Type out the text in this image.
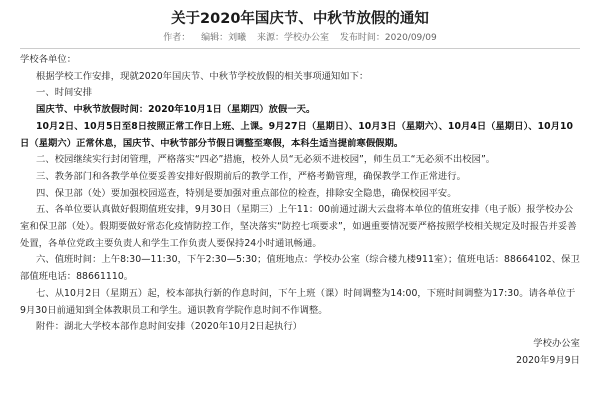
关于2020年国庆节、中秋节放假的通知
作者： 编辑：刘曦 来源：学校办公室 发布时间：2020/09/09

学校各单位：

根据学校工作安排，现就2020年国庆节、中秋节学校放假的相关事项通知如下：

一、时间安排

国庆节、中秋节放假时间：2020年10月1日（星期四）放假一天。

10月2日、10月5日至8日按照正常工作日上班、上课。9月27日（星期日）、10月3日（星期六）、10月4日（星期日）、10月10日（星期六）正常休息，国庆节、中秋节部分节假日调整至寒假，本科生适当提前寒假假期。

二、校园继续实行封闭管理，严格落实“四必”措施，校外人员“无必须不进校园”，师生员工“无必须不出校园”。

三、教务部门和各教学单位要妥善安排好假期前后的教学工作，严格考勤管理，确保教学工作正常进行。

四、保卫部（处）要加强校园巡查，特别是要加强对重点部位的检查，排除安全隐患，确保校园平安。

五、各单位要认真做好假期值班安排，9月30日（星期三）上午11：00前通过湖大云盘将本单位的值班安排（电子版）报学校办公室和保卫部（处）。假期要做好常态化疫情防控工作，坚决落实“防控七项要求”，如遇重要情况要严格按照学校相关规定及时报告并妥善处置，各单位党政主要负责人和学生工作负责人要保持24小时通讯畅通。

六、值班时间：上午8:30—11:30，下午2:30—5:30；值班地点：学校办公室（综合楼九楼911室）；值班电话：88664102、保卫部值班电话：88661110。

七、从10月2日（星期五）起，校本部执行新的作息时间，下午上班（课）时间调整为14:00，下班时间调整为17:30。请各单位于9月30日前通知到全体教职员工和学生。通识教育学院作息时间不作调整。

附件：湖北大学校本部作息时间安排（2020年10月2日起执行）

学校办公室

2020年9月9日
